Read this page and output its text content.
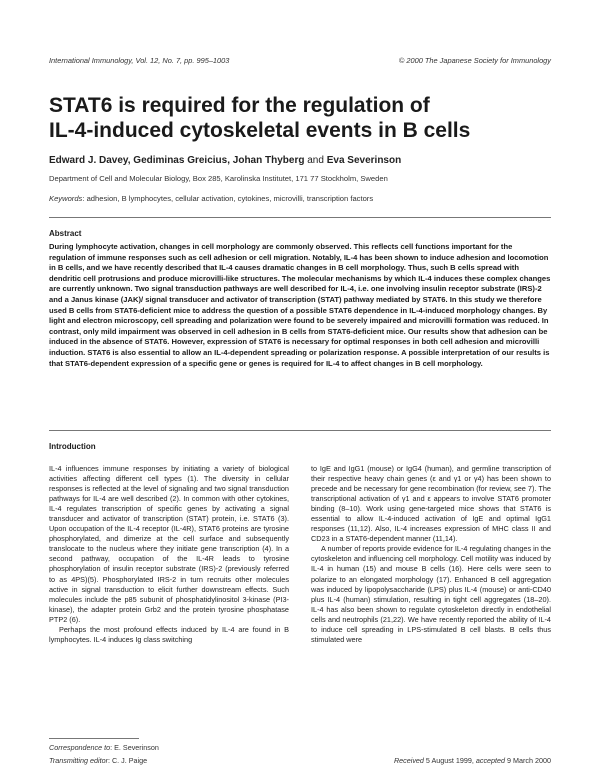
International Immunology, Vol. 12, No. 7, pp. 995–1003	© 2000 The Japanese Society for Immunology
STAT6 is required for the regulation of
IL-4-induced cytoskeletal events in B cells
Edward J. Davey, Gediminas Greicius, Johan Thyberg and Eva Severinson
Department of Cell and Molecular Biology, Box 285, Karolinska Institutet, 171 77 Stockholm, Sweden
Keywords: adhesion, B lymphocytes, cellular activation, cytokines, microvilli, transcription factors
Abstract

During lymphocyte activation, changes in cell morphology are commonly observed. This reflects cell functions important for the regulation of immune responses such as cell adhesion or cell migration. Notably, IL-4 has been shown to induce adhesion and locomotion in B cells, and we have recently described that IL-4 causes dramatic changes in B cell morphology. Thus, such B cells spread with dendritic cell protrusions and produce microvilli-like structures. The molecular mechanisms by which IL-4 induces these complex changes are currently unknown. Two signal transduction pathways are well described for IL-4, i.e. one involving insulin receptor substrate (IRS)-2 and a Janus kinase (JAK)/ signal transducer and activator of transcription (STAT) pathway mediated by STAT6. In this study we therefore used B cells from STAT6-deficient mice to address the question of a possible STAT6 dependence in IL-4-induced morphology changes. By light and electron microscopy, cell spreading and polarization were found to be severely impaired and microvilli formation was reduced. In contrast, only mild impairment was observed in cell adhesion in B cells from STAT6-deficient mice. Our results show that adhesion can be induced in the absence of STAT6. However, expression of STAT6 is necessary for optimal responses in both cell adhesion and microvilli induction. STAT6 is also essential to allow an IL-4-dependent spreading or polarization response. A possible interpretation of our results is that STAT6-dependent expression of a specific gene or genes is required for IL-4 to affect changes in B cell morphology.

Introduction

IL-4 influences immune responses by initiating a variety of biological activities affecting different cell types (1). The diversity in cellular responses is reflected at the level of signaling and two signal transduction pathways for IL-4 are well described (2). In common with other cytokines, IL-4 regulates transcription of specific genes by activating a signal transducer and activator of transcription (STAT) protein, i.e. STAT6 (3). Upon occupation of the IL-4 receptor (IL-4R), STAT6 proteins are tyrosine phosphorylated, and dimerize at the cell surface and subsequently translocate to the nucleus where they initiate gene transcription (4). In a second pathway, occupation of the IL-4R leads to tyrosine phosphorylation of insulin receptor substrate (IRS)-2 (previously referred to as 4PS)(5). Phosphorylated IRS-2 in turn recruits other molecules active in signal transduction to elicit further downstream effects. Such molecules include the p85 subunit of phosphatidylinositol 3-kinase (PI3-kinase), the adapter protein Grb2 and the protein tyrosine phosphatase PTP2 (6).

Perhaps the most profound effects induced by IL-4 are found in B lymphocytes. IL-4 induces Ig class switching

to IgE and IgG1 (mouse) or IgG4 (human), and germline transcription of their respective heavy chain genes (ε and γ1 or γ4) has been shown to precede and be necessary for gene recombination (for review, see 7). The transcriptional activation of γ1 and ε appears to involve STAT6 promoter binding (8–10). Work using gene-targeted mice shows that STAT6 is essential to allow IL-4-induced activation of IgE and optimal IgG1 responses (11,12). Also, IL-4 increases expression of MHC class II and CD23 in a STAT6-dependent manner (11,14).

A number of reports provide evidence for IL-4 regulating changes in the cytoskeleton and influencing cell morphology. Cell motility was induced by IL-4 in human (15) and mouse B cells (16). Here cells were seen to polarize to an elongated morphology (17). Enhanced B cell aggregation was induced by lipopolysaccharide (LPS) plus IL-4 (mouse) or anti-CD40 plus IL-4 (human) stimulation, resulting in tight cell aggregates (18–20). IL-4 has also been shown to regulate cytoskeleton directly in endothelial cells and neutrophils (21,22). We have recently reported the ability of IL-4 to induce cell spreading in LPS-stimulated B cell blasts. B cells thus stimulated were

Correspondence to: E. Severinson
Transmitting editor: C. J. Paige	Received 5 August 1999, accepted 9 March 2000
